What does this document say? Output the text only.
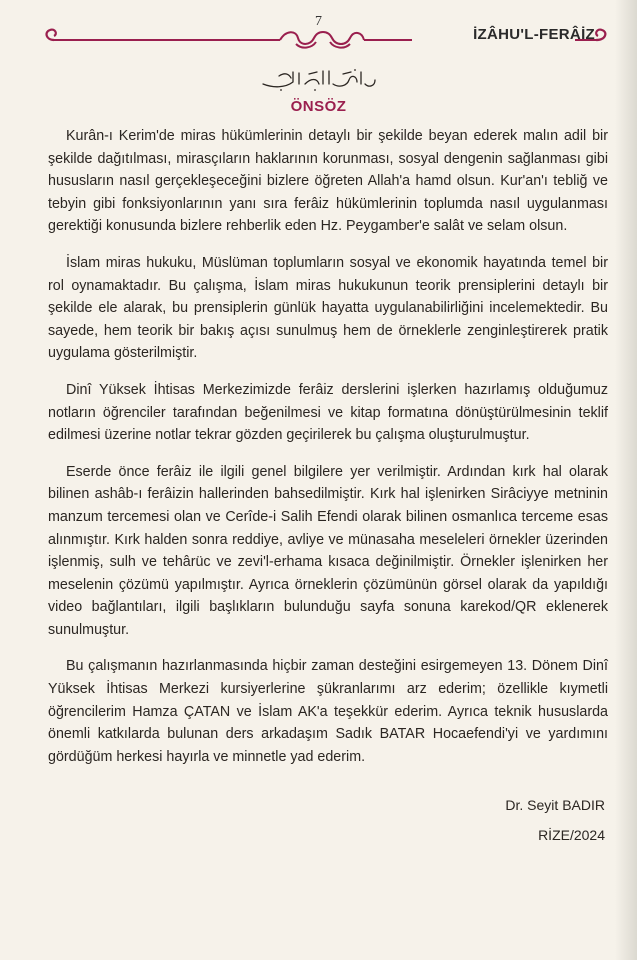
7
İZÂHU'L-FERÂİZ
ÖNSÖZ

Kurân-ı Kerim'de miras hükümlerinin detaylı bir şekilde beyan ederek malın adil bir şekilde dağıtılması, mirasçıların haklarının korunması, sosyal dengenin sağlanması gibi hususların nasıl gerçekleşeceğini bizlere öğreten Allah'a hamd olsun. Kur'an'ı tebliğ ve tebyin gibi fonksiyonlarının yanı sıra ferâiz hükümlerinin toplumda nasıl uygulanması gerektiği konusunda bizlere rehberlik eden Hz. Peygamber'e salât ve selam olsun.

İslam miras hukuku, Müslüman toplumların sosyal ve ekonomik hayatında temel bir rol oynamaktadır. Bu çalışma, İslam miras hukukunun teorik prensiplerini detaylı bir şekilde ele alarak, bu prensiplerin günlük hayatta uygulanabilirliğini incelemektedir. Bu sayede, hem teorik bir bakış açısı sunulmuş hem de örneklerle zenginleştirerek pratik uygulama gösterilmiştir.

Dinî Yüksek İhtisas Merkezimizde ferâiz derslerini işlerken hazırlamış olduğumuz notların öğrenciler tarafından beğenilmesi ve kitap formatına dönüştürülmesinin teklif edilmesi üzerine notlar tekrar gözden geçirilerek bu çalışma oluşturulmuştur.

Eserde önce ferâiz ile ilgili genel bilgilere yer verilmiştir. Ardından kırk hal olarak bilinen ashâb-ı ferâizin hallerinden bahsedilmiştir. Kırk hal işlenirken Sirâciyye metninin manzum tercemesi olan ve Cerîde-i Salih Efendi olarak bilinen osmanlıca terceme esas alınmıştır. Kırk halden sonra reddiye, avliye ve münasaha meseleleri örnekler üzerinden işlenmiş, sulh ve tehârüc ve zevi'l-erhama kısaca değinilmiştir. Örnekler işlenirken her meselenin çözümü yapılmıştır. Ayrıca örneklerin çözümünün görsel olarak da yapıldığı video bağlantıları, ilgili başlıkların bulunduğu sayfa sonuna karekod/QR eklenerek sunulmuştur.

Bu çalışmanın hazırlanmasında hiçbir zaman desteğini esirgemeyen 13. Dönem Dinî Yüksek İhtisas Merkezi kursiyerlerine şükranlarımı arz ederim; özellikle kıymetli öğrencilerim Hamza ÇATAN ve İslam AK'a teşekkür ederim. Ayrıca teknik hususlarda önemli katkılarda bulunan ders arkadaşım Sadık BATAR Hocaefendi'yi ve yardımını gördüğüm herkesi hayırla ve minnetle yad ederim.

Dr. Seyit BADIR
RİZE/2024
